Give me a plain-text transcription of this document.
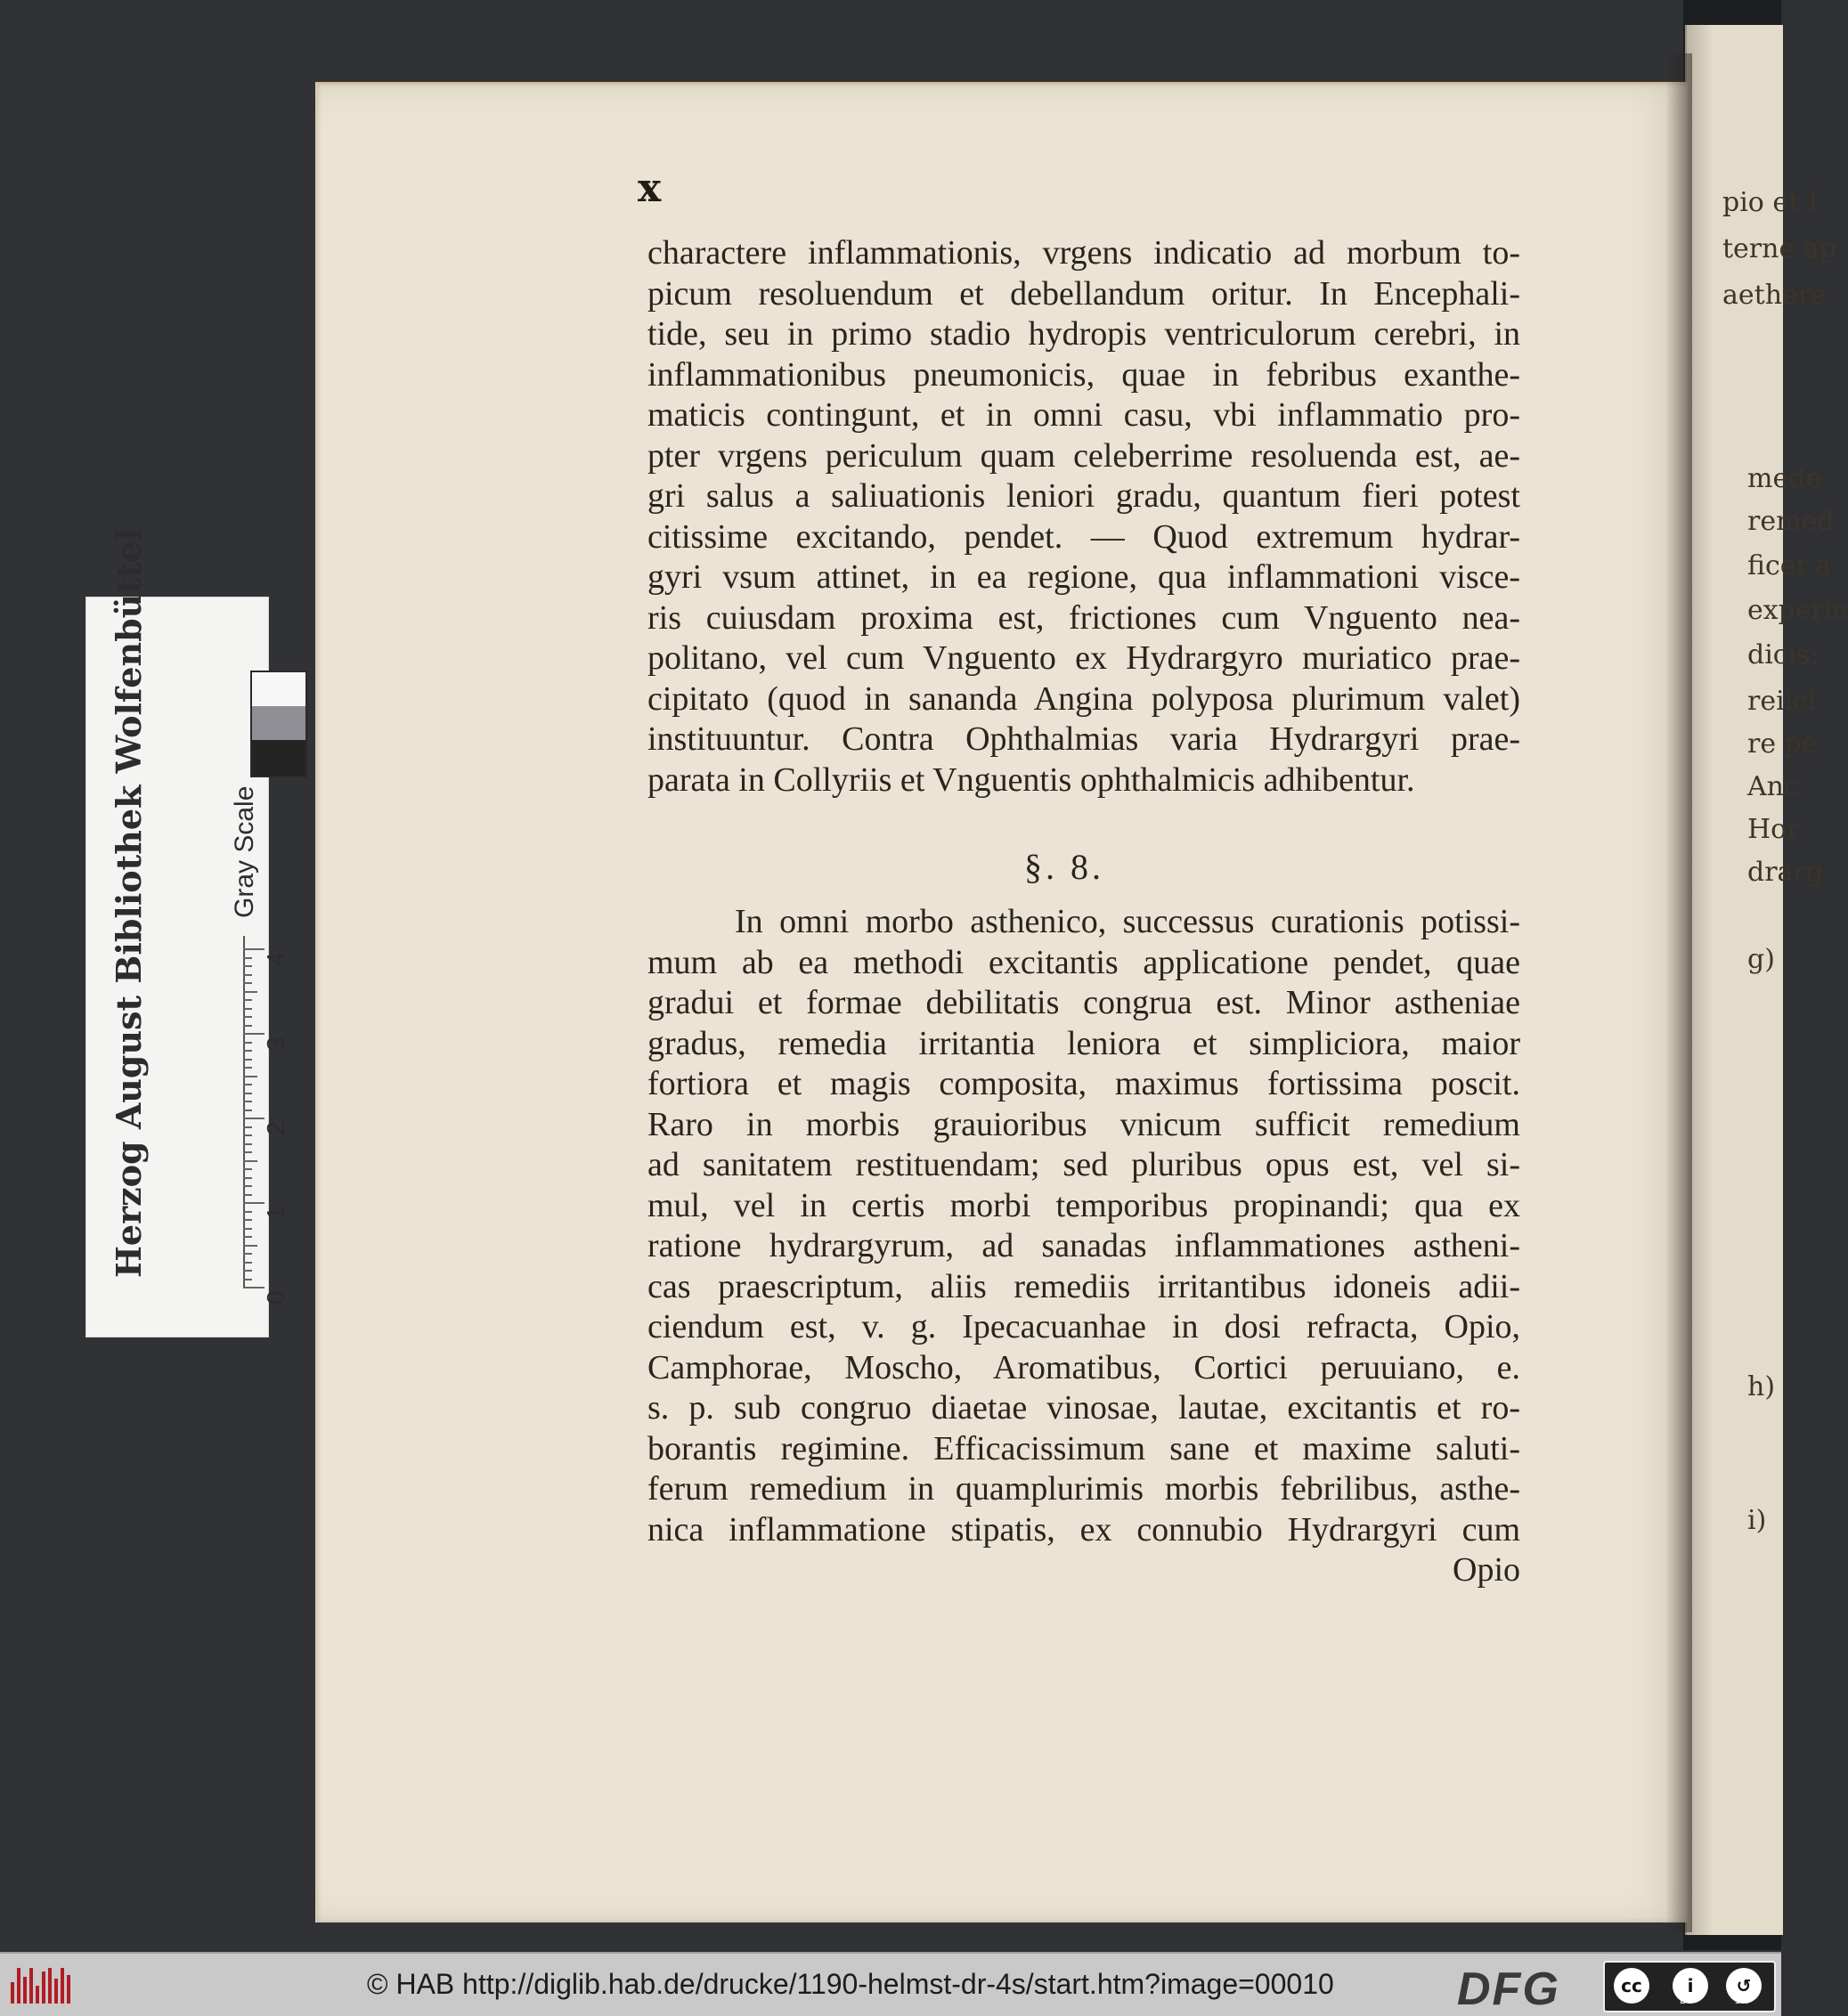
pio et I
terne ap
aethere
mede
remed
ficet a
experie
dicis;
reiici
re pe
Anc
Hor
drarg
g)
h)
i)
x
charactere inflammationis, vrgens indicatio ad morbum to-
picum resoluendum et debellandum oritur. In Encephali-
tide, seu in primo stadio hydropis ventriculorum cerebri, in
inflammationibus pneumonicis, quae in febribus exanthe-
maticis contingunt, et in omni casu, vbi inflammatio pro-
pter vrgens periculum quam celeberrime resoluenda est, ae-
gri salus a saliuationis leniori gradu, quantum fieri potest
citissime excitando, pendet. — Quod extremum hydrar-
gyri vsum attinet, in ea regione, qua inflammationi visce-
ris cuiusdam proxima est, frictiones cum Vnguento nea-
politano, vel cum Vnguento ex Hydrargyro muriatico prae-
cipitato (quod in sananda Angina polyposa plurimum valet)
instituuntur. Contra Ophthalmias varia Hydrargyri prae-
parata in Collyriis et Vnguentis ophthalmicis adhibentur.
§. 8.
In omni morbo asthenico, successus curationis potissi-
mum ab ea methodi excitantis applicatione pendet, quae
gradui et formae debilitatis congrua est. Minor astheniae
gradus, remedia irritantia leniora et simpliciora, maior
fortiora et magis composita, maximus fortissima poscit.
Raro in morbis grauioribus vnicum sufficit remedium
ad sanitatem restituendam; sed pluribus opus est, vel si-
mul, vel in certis morbi temporibus propinandi; qua ex
ratione hydrargyrum, ad sanadas inflammationes astheni-
cas praescriptum, aliis remediis irritantibus idoneis adii-
ciendum est, v. g. Ipecacuanhae in dosi refracta, Opio,
Camphorae, Moscho, Aromatibus, Cortici peruuiano, e.
s. p. sub congruo diaetae vinosae, lautae, excitantis et ro-
borantis regimine. Efficacissimum sane et maxime saluti-
ferum remedium in quamplurimis morbis febrilibus, asthe-
nica inflammatione stipatis, ex connubio Hydrargyri cum
Opio
Herzog August Bibliothek Wolfenbüttel	Gray Scale
0
1
2
3
4
© HAB http://diglib.hab.de/drucke/1190-helmst-dr-4s/start.htm?image=00010	DFG	cc	i	↺
BY	SA
